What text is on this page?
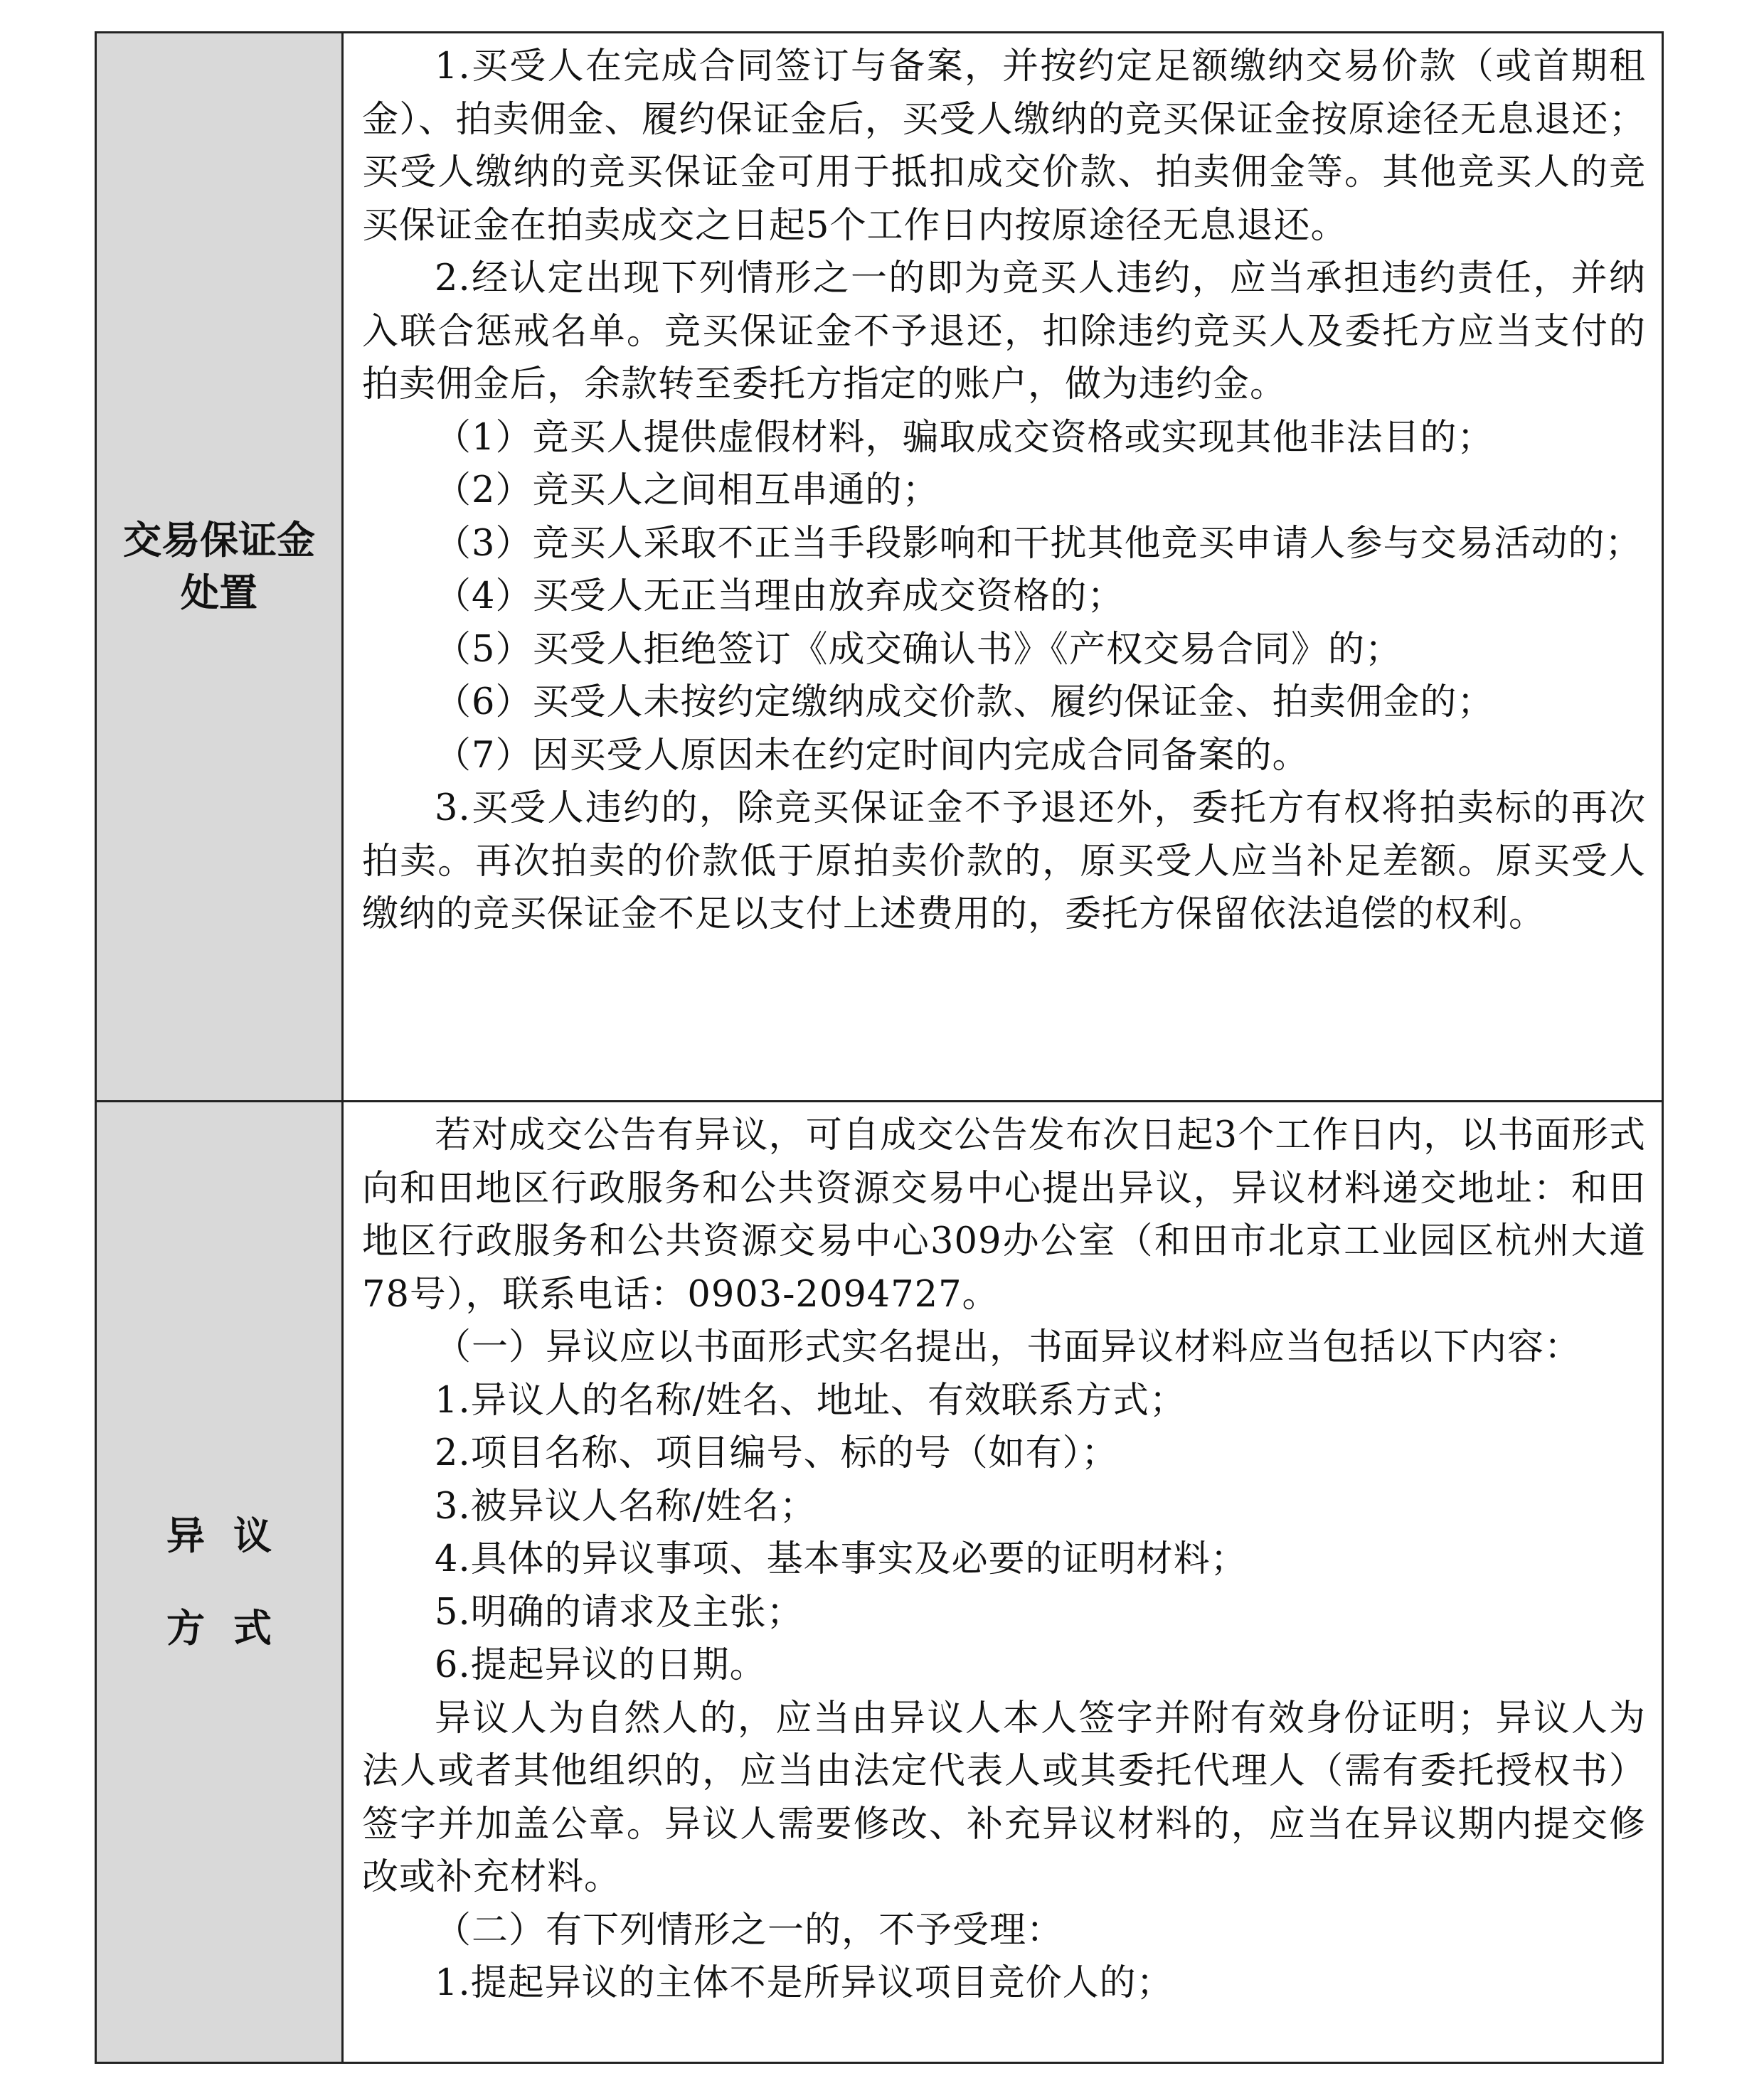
交易保证金
处置

1.买受人在完成合同签订与备案，并按约定足额缴纳交易价款（或首期租金）、拍卖佣金、履约保证金后，买受人缴纳的竞买保证金按原途径无息退还；买受人缴纳的竞买保证金可用于抵扣成交价款、拍卖佣金等。其他竞买人的竞买保证金在拍卖成交之日起5个工作日内按原途径无息退还。

2.经认定出现下列情形之一的即为竞买人违约，应当承担违约责任，并纳入联合惩戒名单。竞买保证金不予退还，扣除违约竞买人及委托方应当支付的拍卖佣金后，余款转至委托方指定的账户，做为违约金。

（1）竞买人提供虚假材料，骗取成交资格或实现其他非法目的；

（2）竞买人之间相互串通的；

（3）竞买人采取不正当手段影响和干扰其他竞买申请人参与交易活动的；

（4）买受人无正当理由放弃成交资格的；

（5）买受人拒绝签订《成交确认书》《产权交易合同》的；

（6）买受人未按约定缴纳成交价款、履约保证金、拍卖佣金的；

（7）因买受人原因未在约定时间内完成合同备案的。

3.买受人违约的，除竞买保证金不予退还外，委托方有权将拍卖标的再次拍卖。再次拍卖的价款低于原拍卖价款的，原买受人应当补足差额。原买受人缴纳的竞买保证金不足以支付上述费用的，委托方保留依法追偿的权利。

异议
方式

若对成交公告有异议，可自成交公告发布次日起3个工作日内，以书面形式向和田地区行政服务和公共资源交易中心提出异议，异议材料递交地址：和田地区行政服务和公共资源交易中心309办公室（和田市北京工业园区杭州大道78号），联系电话：0903-2094727。

（一）异议应以书面形式实名提出，书面异议材料应当包括以下内容：

1.异议人的名称/姓名、地址、有效联系方式；

2.项目名称、项目编号、标的号（如有）；

3.被异议人名称/姓名；

4.具体的异议事项、基本事实及必要的证明材料；

5.明确的请求及主张；

6.提起异议的日期。

异议人为自然人的，应当由异议人本人签字并附有效身份证明；异议人为法人或者其他组织的，应当由法定代表人或其委托代理人（需有委托授权书）签字并加盖公章。异议人需要修改、补充异议材料的，应当在异议期内提交修改或补充材料。

（二）有下列情形之一的，不予受理：

1.提起异议的主体不是所异议项目竞价人的；
